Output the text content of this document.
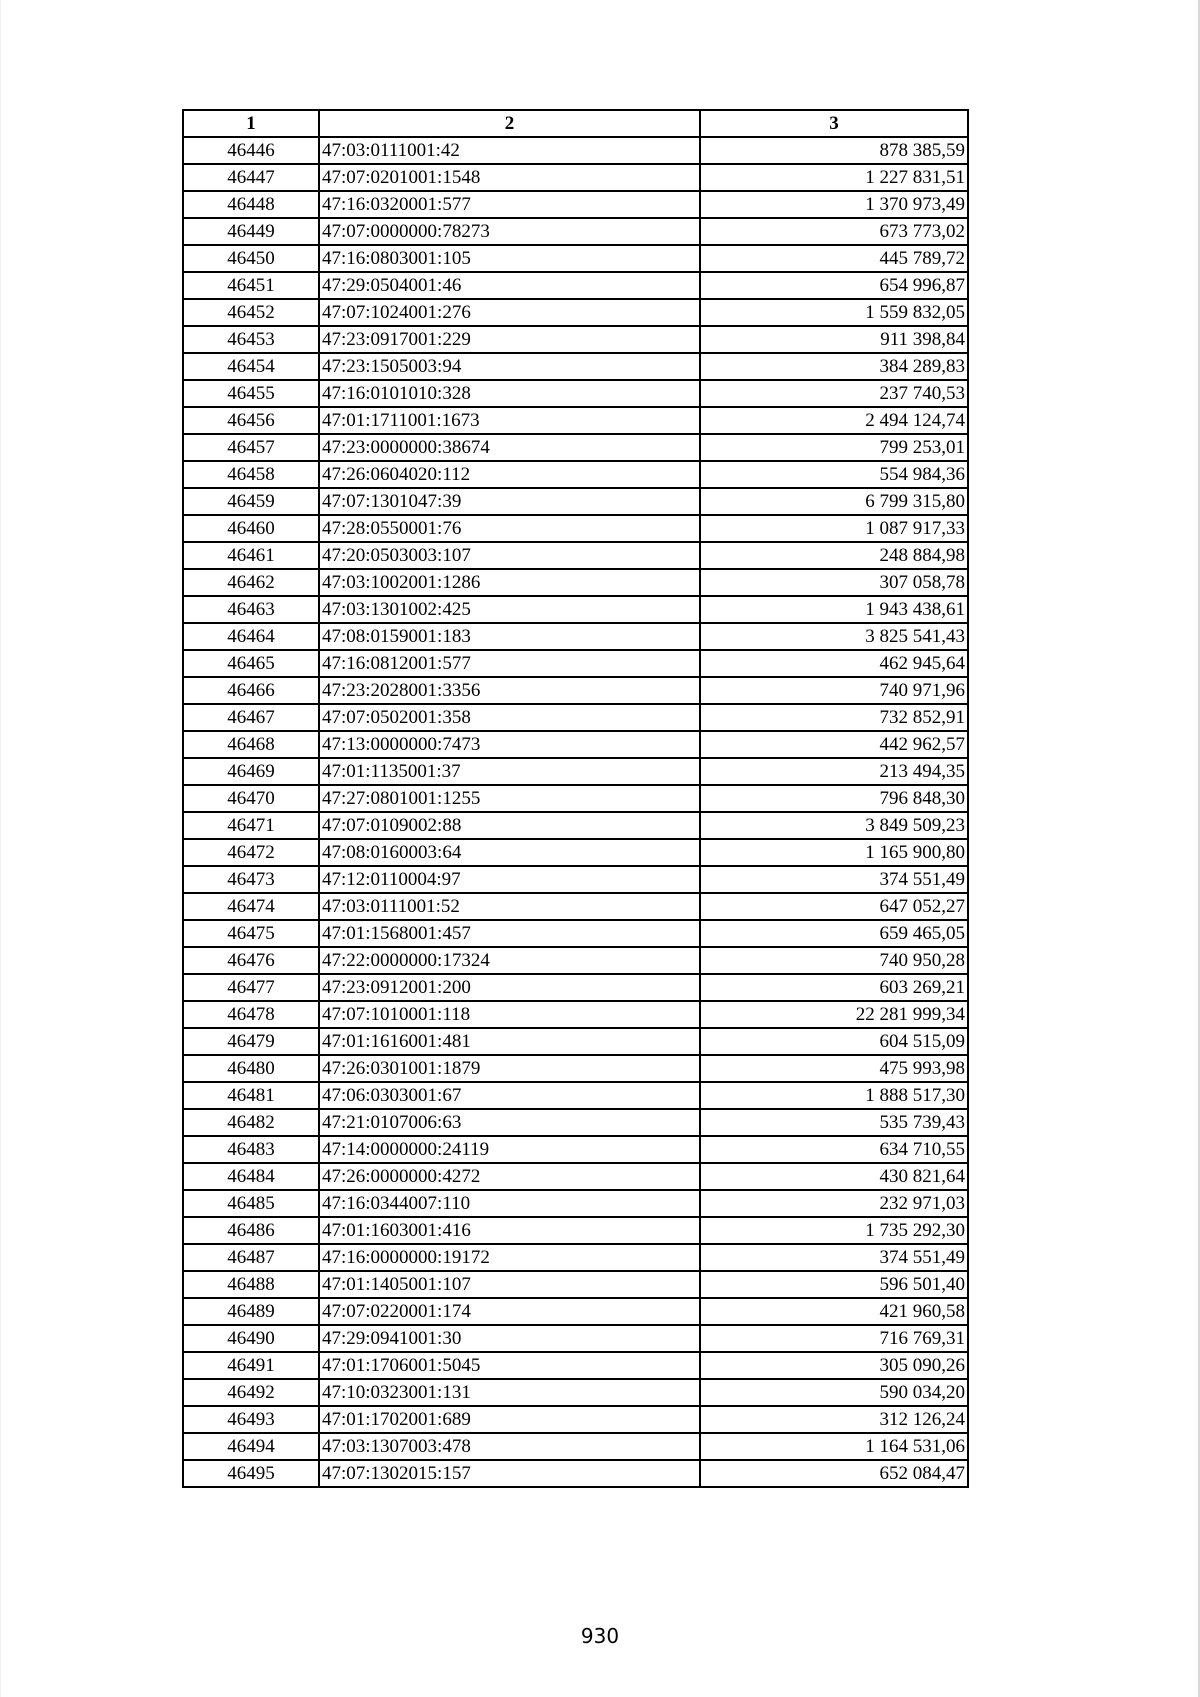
1	2	3
46446	47:03:0111001:42	878 385,59
46447	47:07:0201001:1548	1 227 831,51
46448	47:16:0320001:577	1 370 973,49
46449	47:07:0000000:78273	673 773,02
46450	47:16:0803001:105	445 789,72
46451	47:29:0504001:46	654 996,87
46452	47:07:1024001:276	1 559 832,05
46453	47:23:0917001:229	911 398,84
46454	47:23:1505003:94	384 289,83
46455	47:16:0101010:328	237 740,53
46456	47:01:1711001:1673	2 494 124,74
46457	47:23:0000000:38674	799 253,01
46458	47:26:0604020:112	554 984,36
46459	47:07:1301047:39	6 799 315,80
46460	47:28:0550001:76	1 087 917,33
46461	47:20:0503003:107	248 884,98
46462	47:03:1002001:1286	307 058,78
46463	47:03:1301002:425	1 943 438,61
46464	47:08:0159001:183	3 825 541,43
46465	47:16:0812001:577	462 945,64
46466	47:23:2028001:3356	740 971,96
46467	47:07:0502001:358	732 852,91
46468	47:13:0000000:7473	442 962,57
46469	47:01:1135001:37	213 494,35
46470	47:27:0801001:1255	796 848,30
46471	47:07:0109002:88	3 849 509,23
46472	47:08:0160003:64	1 165 900,80
46473	47:12:0110004:97	374 551,49
46474	47:03:0111001:52	647 052,27
46475	47:01:1568001:457	659 465,05
46476	47:22:0000000:17324	740 950,28
46477	47:23:0912001:200	603 269,21
46478	47:07:1010001:118	22 281 999,34
46479	47:01:1616001:481	604 515,09
46480	47:26:0301001:1879	475 993,98
46481	47:06:0303001:67	1 888 517,30
46482	47:21:0107006:63	535 739,43
46483	47:14:0000000:24119	634 710,55
46484	47:26:0000000:4272	430 821,64
46485	47:16:0344007:110	232 971,03
46486	47:01:1603001:416	1 735 292,30
46487	47:16:0000000:19172	374 551,49
46488	47:01:1405001:107	596 501,40
46489	47:07:0220001:174	421 960,58
46490	47:29:0941001:30	716 769,31
46491	47:01:1706001:5045	305 090,26
46492	47:10:0323001:131	590 034,20
46493	47:01:1702001:689	312 126,24
46494	47:03:1307003:478	1 164 531,06
46495	47:07:1302015:157	652 084,47
930
